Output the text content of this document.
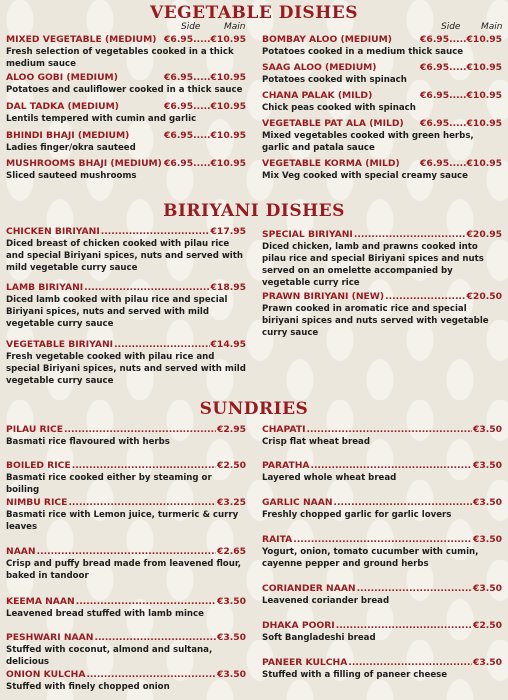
VEGETABLE DISHES
Side	Main	Side Main
MIXED VEGETABLE (MEDIUM) €6.95.....€10.95
Fresh selection of vegetables cooked in a thick medium sauce
ALOO GOBI (MEDIUM)	€6.95.....€10.95
Potatoes and cauliflower cooked in a thick sauce
DAL TADKA (MEDIUM)	€6.95.....€10.95
Lentils tempered with cumin and garlic
BHINDI BHAJI (MEDIUM)	€6.95.....€10.95
Ladies finger/okra sauteed
MUSHROOMS BHAJI (MEDIUM) €6.95.....€10.95
Sliced sauteed mushrooms
BOMBAY ALOO (MEDIUM)	€6.95.....€10.95
Potatoes cooked in a medium thick sauce
SAAG ALOO (MEDIUM)	€6.95.....€10.95
Potatoes cooked with spinach
CHANA PALAK (MILD)	€6.95.....€10.95
Chick peas cooked with spinach
VEGETABLE PAT ALA (MILD) €6.95.....€10.95
Mixed vegetables cooked with green herbs, garlic and patala sauce
VEGETABLE KORMA (MILD) €6.95.....€10.95
Mix Veg cooked with special creamy sauce
BIRIYANI DISHES
CHICKEN BIRIYANI .....	€17.95
Diced breast of chicken cooked with pilau rice and special Biriyani spices, nuts and served with mild vegetable curry sauce
LAMB BIRIYANI .....	€18.95
Diced lamb cooked with pilau rice and special Biriyani spices, nuts and served with mild vegetable curry sauce
VEGETABLE BIRIYANI .....	€14.95
Fresh vegetable cooked with pilau rice and special Biriyani spices, nuts and served with mild vegetable curry sauce
SPECIAL BIRIYANI .....	€20.95
Diced chicken, lamb and prawns cooked into pilau rice and special Biriyani spices and nuts served on an omelette accompanied by vegetable curry rice
PRAWN BIRIYANI (NEW) .....	€20.50
Prawn cooked in aromatic rice and special biriyani spices and nuts served with vegetable curry sauce
SUNDRIES
PILAU RICE .....	€2.95
Basmati rice flavoured with herbs
BOILED RICE .....	€2.50
Basmati rice cooked either by steaming or boiling
NIMBU RICE .....	€3.25
Basmati rice with Lemon juice, turmeric & curry leaves
NAAN .....	€2.65
Crisp and puffy bread made from leavened flour, baked in tandoor
KEEMA NAAN .....	€3.50
Leavened bread stuffed with lamb mince
PESHWARI NAAN .....	€3.50
Stuffed with coconut, almond and sultana, delicious
ONION KULCHA .....	€3.50
Stuffed with finely chopped onion
CHAPATI .....	€3.50
Crisp flat wheat bread
PARATHA .....	€3.50
Layered whole wheat bread
GARLIC NAAN .....	€3.50
Freshly chopped garlic for garlic lovers
RAITA .....	€3.50
Yogurt, onion, tomato cucumber with cumin, cayenne pepper and ground herbs
CORIANDER NAAN .....	€3.50
Leavened coriander bread
DHAKA POORI .....	€2.50
Soft Bangladeshi bread
PANEER KULCHA .....	€3.50
Stuffed with a filling of paneer cheese
